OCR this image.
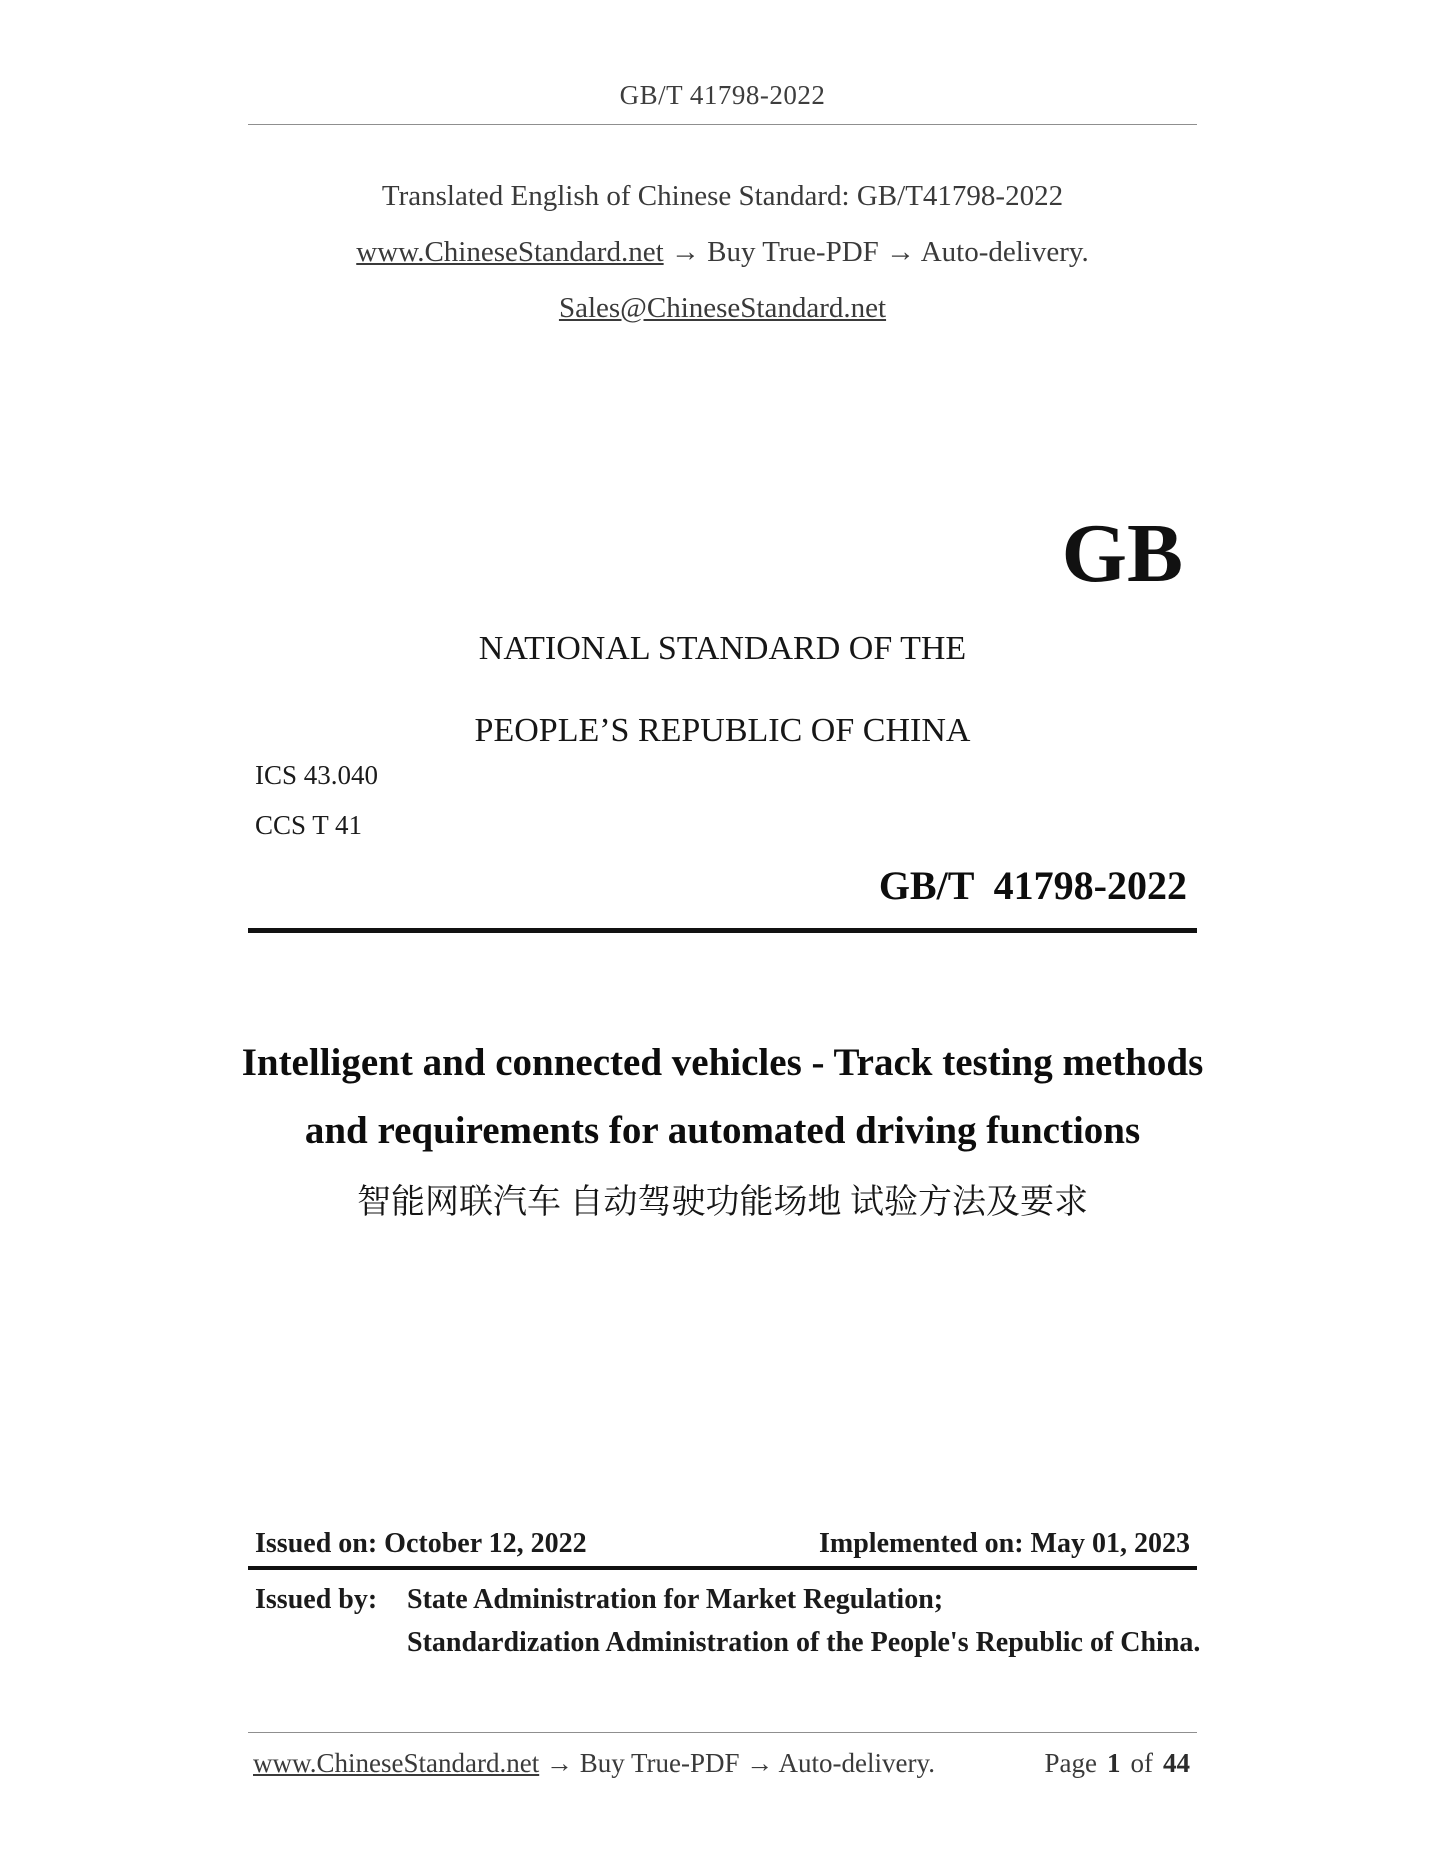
GB/T 41798-2022
Translated English of Chinese Standard: GB/T41798-2022
www.ChineseStandard.net → Buy True-PDF → Auto-delivery.
Sales@ChineseStandard.net
GB
NATIONAL STANDARD OF THE
PEOPLE’S REPUBLIC OF CHINA
ICS 43.040
CCS T 41
GB/T  41798-2022
Intelligent and connected vehicles - Track testing methods
and requirements for automated driving functions
智能网联汽车 自动驾驶功能场地 试验方法及要求
Issued on: October 12, 2022	Implemented on: May 01, 2023
Issued by:	State Administration for Market Regulation;
Standardization Administration of the People's Republic of China.
www.ChineseStandard.net → Buy True-PDF → Auto-delivery.	Page 1 of 44
